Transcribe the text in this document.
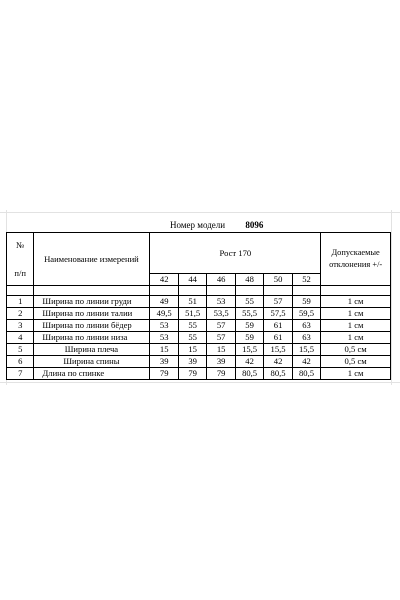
Номер модели 8096
№
п/п	Наименование измерений	Рост 170						Допускаемые
отклонения +/-
		42	44	46	48	50	52	

1	Ширина по линии груди	49	51	53	55	57	59	1 см
2	Ширина по линии талии	49,5	51,5	53,5	55,5	57,5	59,5	1 см
3	Ширина по линии бёдер	53	55	57	59	61	63	1 см
4	Ширина по линии низа	53	55	57	59	61	63	1 см
5	Ширина плеча	15	15	15	15,5	15,5	15,5	0,5 см
6	Ширина спины	39	39	39	42	42	42	0,5 см
7	Длина по спинке	79	79	79	80,5	80,5	80,5	1 см
